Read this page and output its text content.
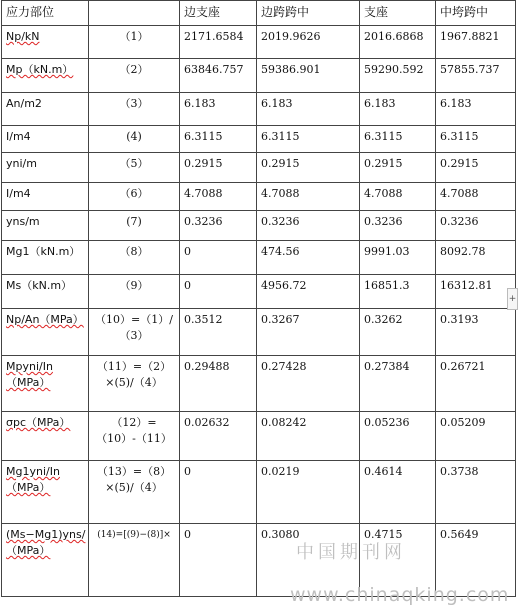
应力部位		边支座	边跨跨中	支座	中垮跨中
Np/kN	（1）	2171.6584	2019.9626	2016.6868	1967.8821
Mp（kN.m）	（2）	63846.757	59386.901	59290.592	57855.737
An/m2	（3）	6.183	6.183	6.183	6.183
I/m4	(4)	6.3115	6.3115	6.3115	6.3115
yni/m	（5）	0.2915	0.2915	0.2915	0.2915
I/m4	（6）	4.7088	4.7088	4.7088	4.7088
yns/m	(7)	0.3236	0.3236	0.3236	0.3236
Mg1（kN.m）	（8）	0	474.56	9991.03	8092.78
Ms（kN.m）	（9）	0	4956.72	16851.3	16312.81
Np/An（MPa）	（10）=（1）/（3）	0.3512	0.3267	0.3262	0.3193
Mpyni/In（MPa）	（11）=（2）×(5)/（4）	0.29488	0.27428	0.27384	0.26721
σpc（MPa）	（12）=（10）-（11）	0.02632	0.08242	0.05236	0.05209
Mg1yni/In（MPa）	（13）=（8）×(5)/（4）	0	0.0219	0.4614	0.3738
(Ms−Mg1)yns/（MPa）	(14)=[(9)−(8)]×	0	0.3080	0.4715	0.5649
+
中国期刊网
www.chinaqking.com
